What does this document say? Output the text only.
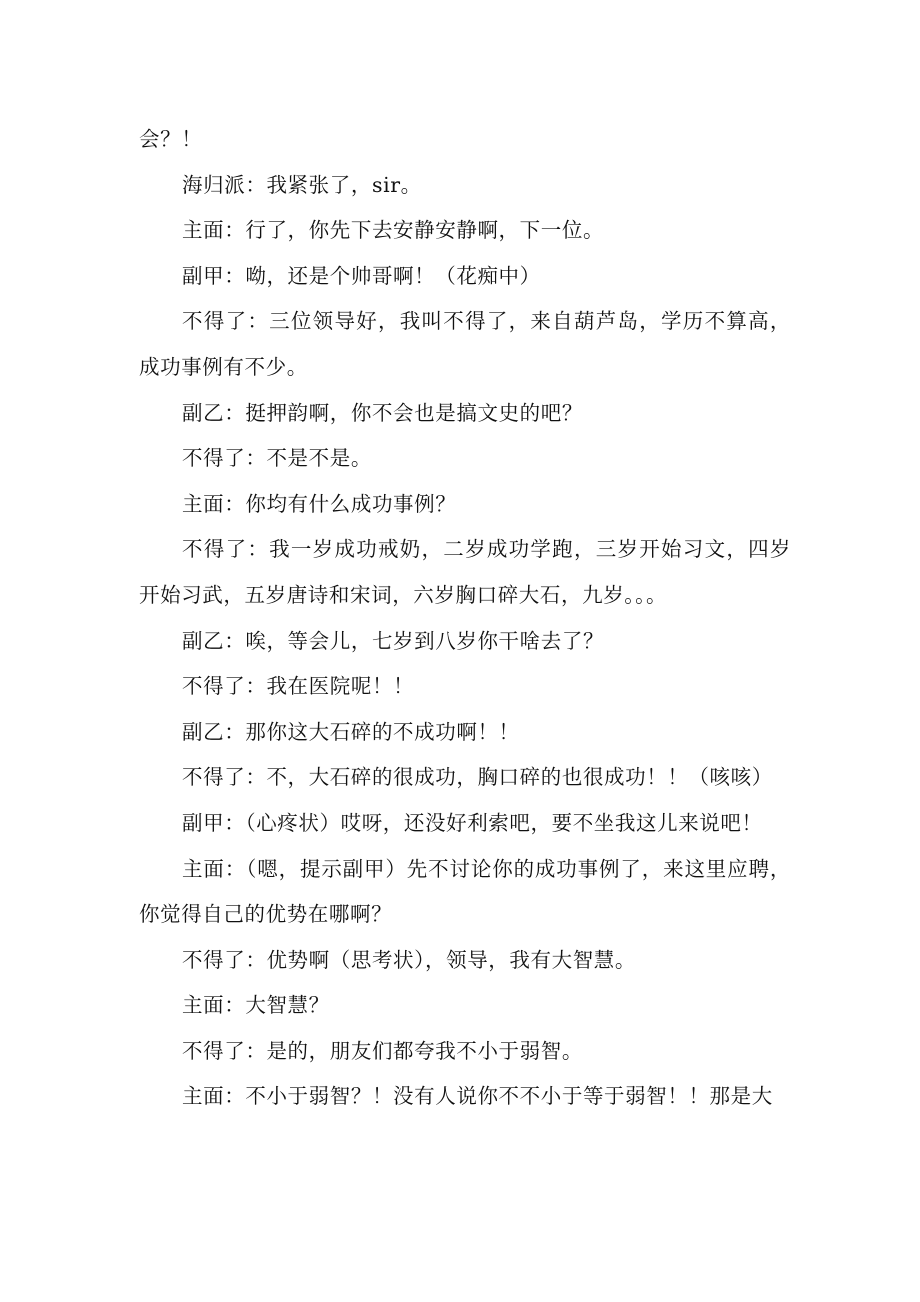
会？！

海归派：我紧张了，sir。

主面：行了，你先下去安静安静啊，下一位。

副甲：呦，还是个帅哥啊！（花痴中）

不得了：三位领导好，我叫不得了，来自葫芦岛，学历不算高，成功事例有不少。

副乙：挺押韵啊，你不会也是搞文史的吧？

不得了：不是不是。

主面：你均有什么成功事例？

不得了：我一岁成功戒奶，二岁成功学跑，三岁开始习文，四岁开始习武，五岁唐诗和宋词，六岁胸口碎大石，九岁。。。

副乙：唉，等会儿，七岁到八岁你干啥去了？

不得了：我在医院呢！！

副乙：那你这大石碎的不成功啊！！

不得了：不，大石碎的很成功，胸口碎的也很成功！！（咳咳）

副甲：（心疼状）哎呀，还没好利索吧，要不坐我这儿来说吧！

主面：（嗯，提示副甲）先不讨论你的成功事例了，来这里应聘，你觉得自己的优势在哪啊？

不得了：优势啊（思考状），领导，我有大智慧。

主面：大智慧？

不得了：是的，朋友们都夸我不小于弱智。

主面：不小于弱智？！没有人说你不不小于等于弱智！！那是大
